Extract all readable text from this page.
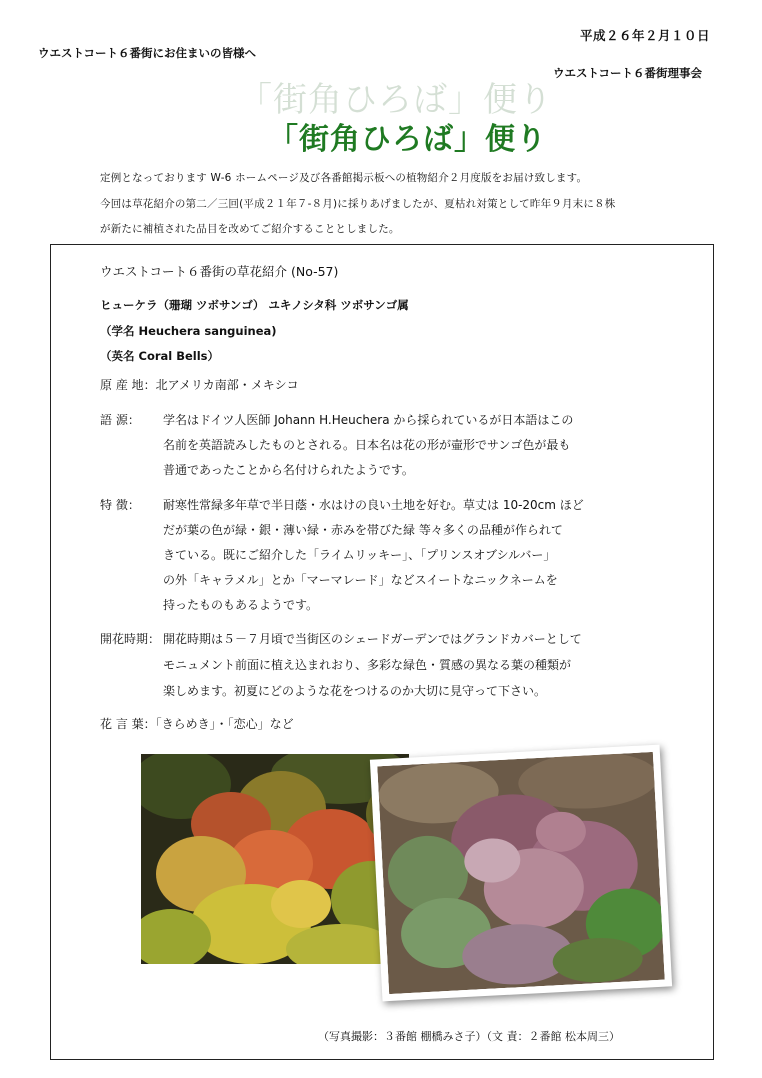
平成２６年２月１０日
ウエストコート６番街にお住まいの皆様へ
ウエストコート６番街理事会
「街角ひろば」便り
「街角ひろば」便り
定例となっております W-6 ホームページ及び各番館掲示板への植物紹介２月度版をお届け致します。
今回は草花紹介の第二／三回(平成２１年７-８月)に採りあげましたが、夏枯れ対策として昨年９月末に８株
が新たに補植された品目を改めてご紹介することとしました。
ウエストコート６番街の草花紹介 (No-57)
ヒューケラ（珊瑚 ツボサンゴ） ユキノシタ科 ツボサンゴ属
（学名 Heuchera sanguinea)
（英名 Coral Bells）
原 産 地：北アメリカ南部・メキシコ
語 源： 学名はドイツ人医師 Johann H.Heuchera から採られているが日本語はこの
名前を英語読みしたものとされる。日本名は花の形が壷形でサンゴ色が最も
普通であったことから名付けられたようです。
特 徴： 耐寒性常緑多年草で半日蔭・水はけの良い土地を好む。草丈は 10-20cm ほど
だが葉の色が緑・銀・薄い緑・赤みを帯びた緑 等々多くの品種が作られて
きている。既にご紹介した「ライムリッキー」、「プリンスオブシルバー」
の外「キャラメル」とか「マーマレード」などスイートなニックネームを
持ったものもあるようです。
開花時期： 開花時期は５－７月頃で当街区のシェードガーデンではグランドカバーとして
モニュメント前面に植え込まれおり、多彩な緑色・質感の異なる葉の種類が
楽しめます。初夏にどのような花をつけるのか大切に見守って下さい。
花 言 葉：「きらめき」・「恋心」など
（写真撮影：３番館 棚橋みさ子）（文 責：２番館 松本周三）
